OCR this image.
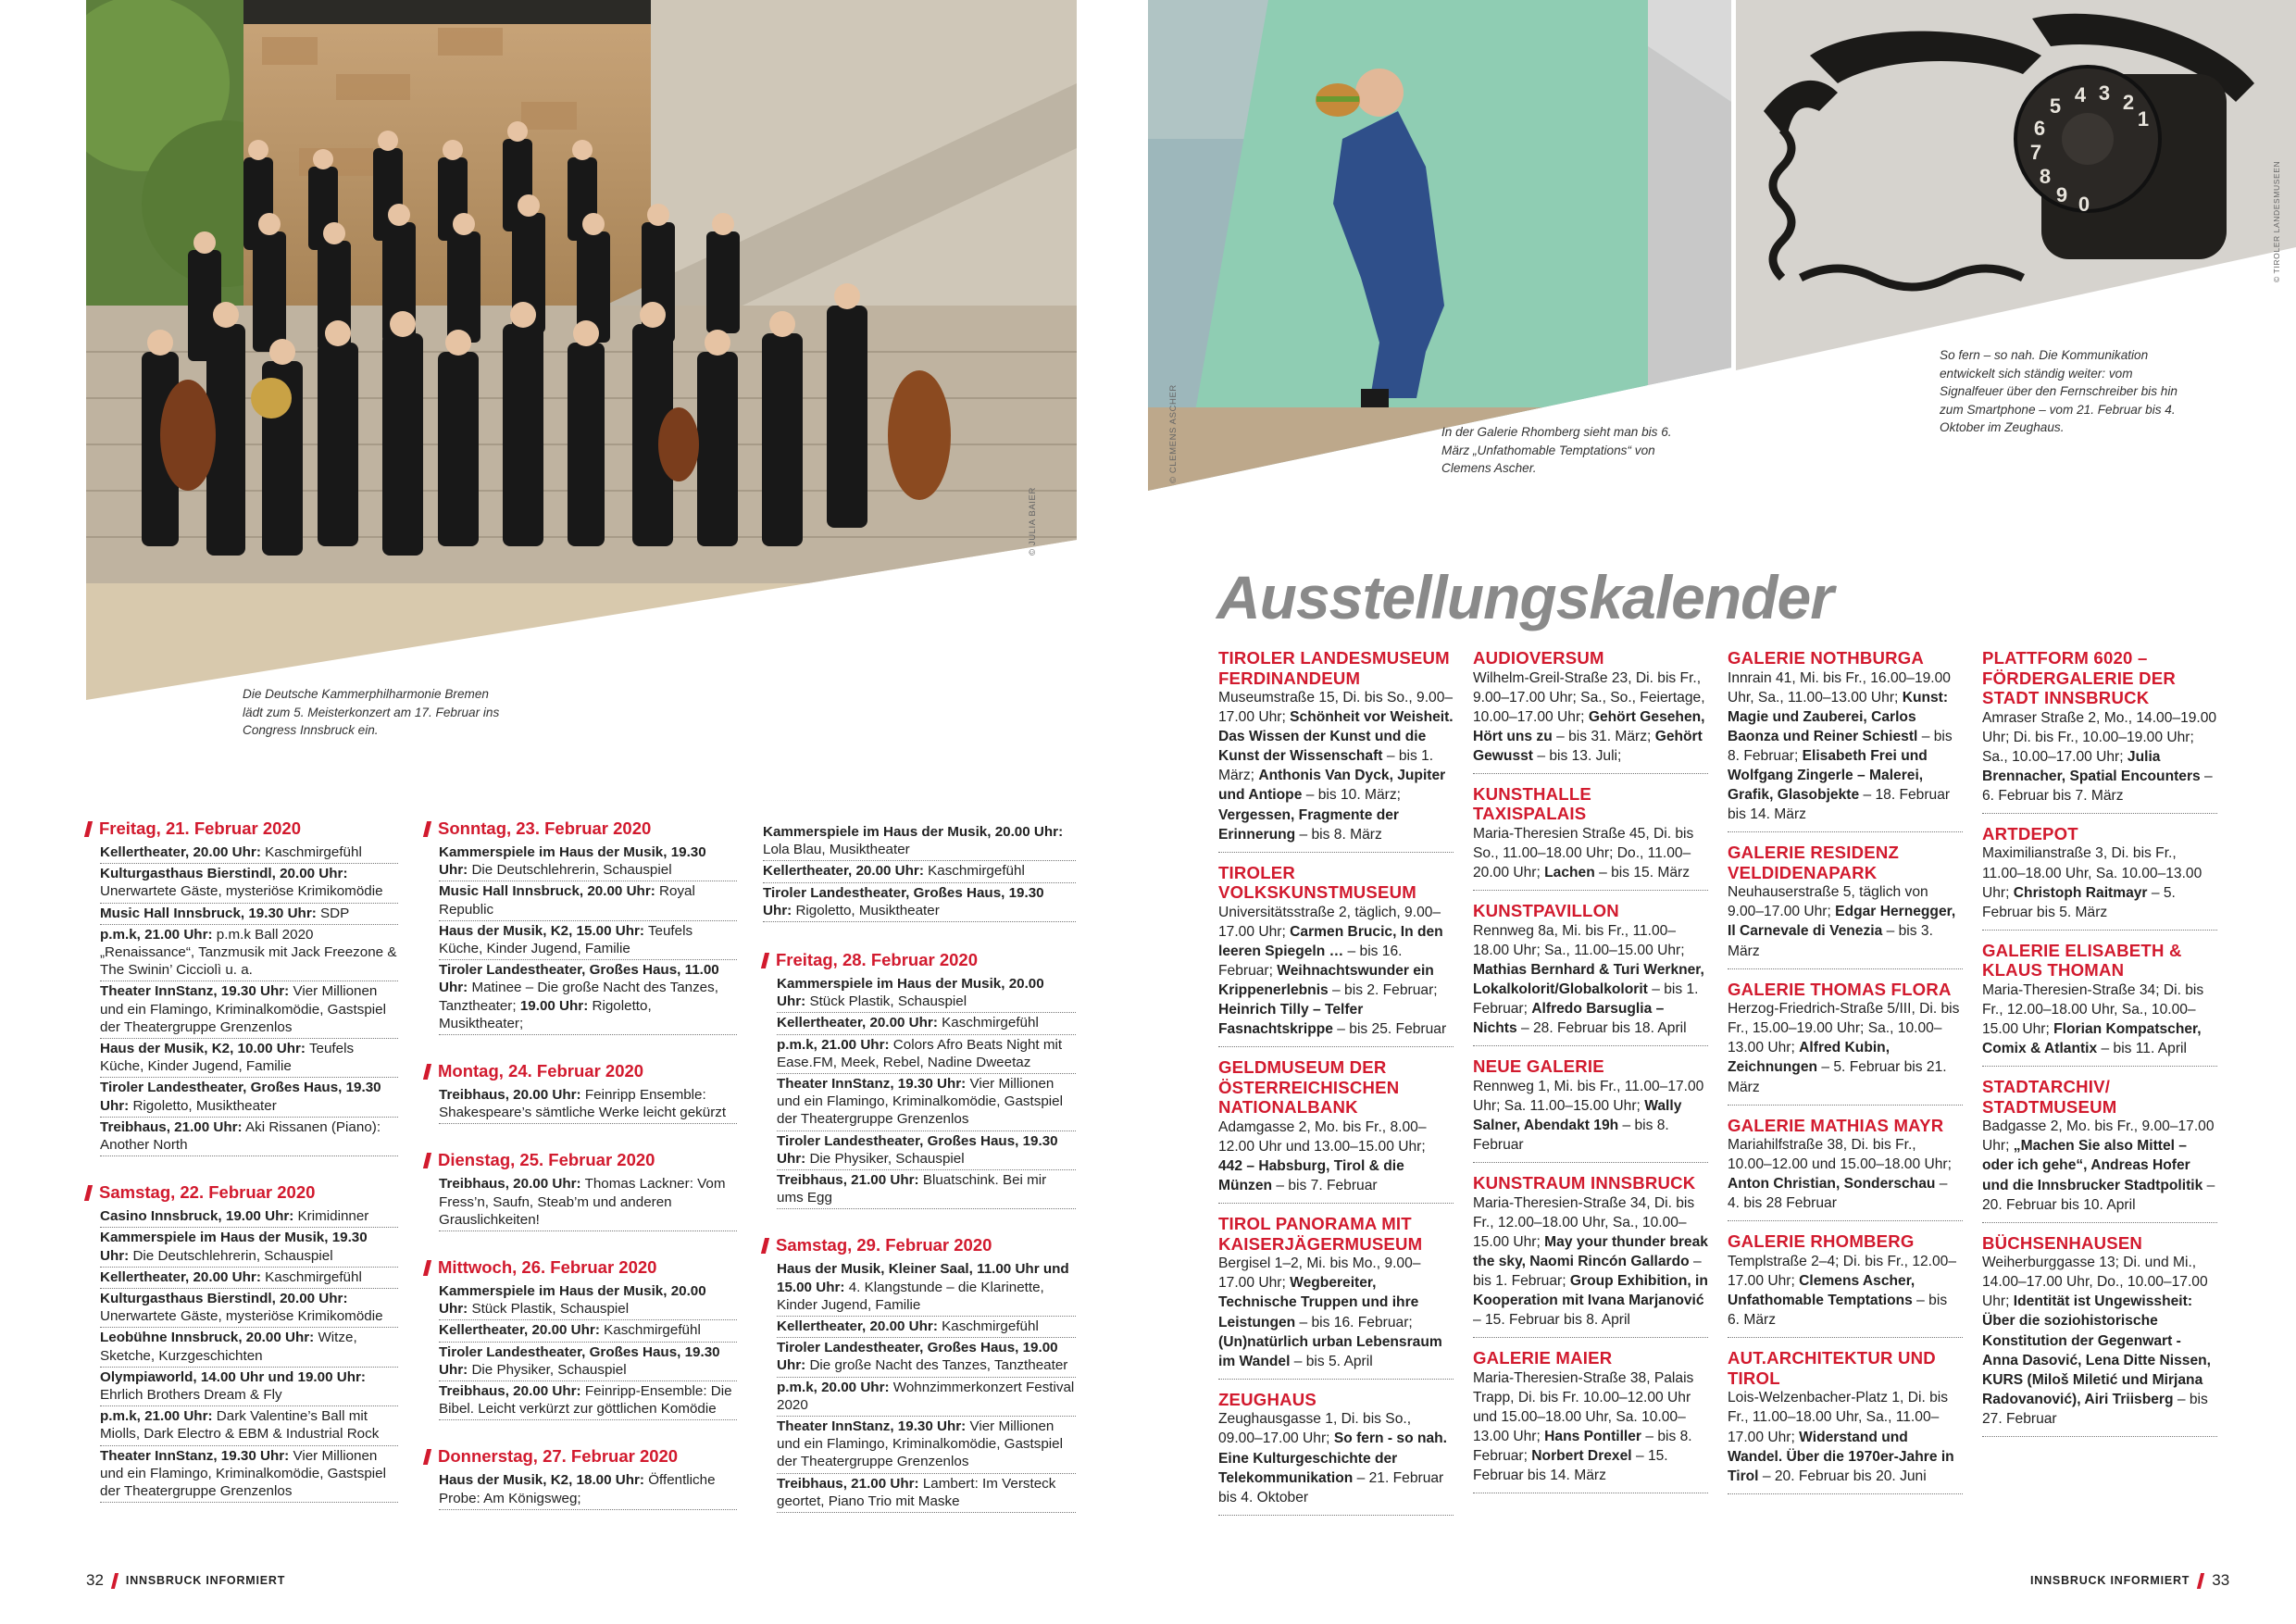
© JULIA BAIER
Die Deutsche Kammerphilharmonie Bremen lädt zum 5. Meisterkonzert am 17. Februar ins Congress Innsbruck ein.
© CLEMENS ASCHER	In der Galerie Rhomberg sieht man bis 6. März „Unfathomable Temptations“ von Clemens Ascher.
5 4 3 2
1
6
7
8
9 0	© TIROLER LANDESMUSEEN
So fern – so nah. Die Kommunikation entwickelt sich ständig weiter: vom Signalfeuer über den Fernschreiber bis hin zum Smartphone – vom 21. Februar bis 4. Oktober im Zeughaus.
Ausstellungskalender
Freitag, 21. Februar 2020
Kellertheater, 20.00 Uhr: Kaschmirgefühl
Kulturgasthaus Bierstindl, 20.00 Uhr: Unerwartete Gäste, mysteriöse Krimikomödie
Music Hall Innsbruck, 19.30 Uhr: SDP
p.m.k, 21.00 Uhr: p.m.k Ball 2020 „Renaissance“, Tanzmusik mit Jack Freezone & The Swinin’ Cicciolì u. a.
Theater InnStanz, 19.30 Uhr: Vier Millionen und ein Flamingo, Kriminalkomödie, Gastspiel der Theatergruppe Grenzenlos
Haus der Musik, K2, 10.00 Uhr: Teufels Küche, Kinder Jugend, Familie
Tiroler Landestheater, Großes Haus, 19.30 Uhr: Rigoletto, Musiktheater
Treibhaus, 21.00 Uhr: Aki Rissanen (Piano): Another North
Samstag, 22. Februar 2020
Casino Innsbruck, 19.00 Uhr: Krimidinner
Kammerspiele im Haus der Musik, 19.30 Uhr: Die Deutschlehrerin, Schauspiel
Kellertheater, 20.00 Uhr: Kaschmirgefühl
Kulturgasthaus Bierstindl, 20.00 Uhr: Unerwartete Gäste, mysteriöse Krimikomödie
Leobühne Innsbruck, 20.00 Uhr: Witze, Sketche, Kurzgeschichten
Olympiaworld, 14.00 Uhr und 19.00 Uhr: Ehrlich Brothers Dream & Fly
p.m.k, 21.00 Uhr: Dark Valentine’s Ball mit Miolls, Dark Electro & EBM & Industrial Rock
Theater InnStanz, 19.30 Uhr: Vier Millionen und ein Flamingo, Kriminalkomödie, Gastspiel der Theatergruppe Grenzenlos
Sonntag, 23. Februar 2020
Kammerspiele im Haus der Musik, 19.30 Uhr: Die Deutschlehrerin, Schauspiel
Music Hall Innsbruck, 20.00 Uhr: Royal Republic
Haus der Musik, K2, 15.00 Uhr: Teufels Küche, Kinder Jugend, Familie
Tiroler Landestheater, Großes Haus, 11.00 Uhr: Matinee – Die große Nacht des Tanzes, Tanztheater; 19.00 Uhr: Rigoletto, Musiktheater;
Montag, 24. Februar 2020
Treibhaus, 20.00 Uhr: Feinripp Ensemble: Shakespeare’s sämtliche Werke leicht gekürzt
Dienstag, 25. Februar 2020
Treibhaus, 20.00 Uhr: Thomas Lackner: Vom Fress’n, Saufn, Steab’m und anderen Grauslichkeiten!
Mittwoch, 26. Februar 2020
Kammerspiele im Haus der Musik, 20.00 Uhr: Stück Plastik, Schauspiel
Kellertheater, 20.00 Uhr: Kaschmirgefühl
Tiroler Landestheater, Großes Haus, 19.30 Uhr: Die Physiker, Schauspiel
Treibhaus, 20.00 Uhr: Feinripp-Ensemble: Die Bibel. Leicht verkürzt zur göttlichen Komödie
Donnerstag, 27. Februar 2020
Haus der Musik, K2, 18.00 Uhr: Öffentliche Probe: Am Königsweg;
Kammerspiele im Haus der Musik, 20.00 Uhr: Lola Blau, Musiktheater
Kellertheater, 20.00 Uhr: Kaschmirgefühl
Tiroler Landestheater, Großes Haus, 19.30 Uhr: Rigoletto, Musiktheater
Freitag, 28. Februar 2020
Kammerspiele im Haus der Musik, 20.00 Uhr: Stück Plastik, Schauspiel
Kellertheater, 20.00 Uhr: Kaschmirgefühl
p.m.k, 21.00 Uhr: Colors Afro Beats Night mit Ease.FM, Meek, Rebel, Nadine Dweetaz
Theater InnStanz, 19.30 Uhr: Vier Millionen und ein Flamingo, Kriminalkomödie, Gastspiel der Theatergruppe Grenzenlos
Tiroler Landestheater, Großes Haus, 19.30 Uhr: Die Physiker, Schauspiel
Treibhaus, 21.00 Uhr: Bluatschink. Bei mir ums Egg
Samstag, 29. Februar 2020
Haus der Musik, Kleiner Saal, 11.00 Uhr und 15.00 Uhr: 4. Klangstunde – die Klarinette, Kinder Jugend, Familie
Kellertheater, 20.00 Uhr: Kaschmirgefühl
Tiroler Landestheater, Großes Haus, 19.00 Uhr: Die große Nacht des Tanzes, Tanztheater
p.m.k, 20.00 Uhr: Wohnzimmerkonzert Festival 2020
Theater InnStanz, 19.30 Uhr: Vier Millionen und ein Flamingo, Kriminalkomödie, Gastspiel der Theatergruppe Grenzenlos
Treibhaus, 21.00 Uhr: Lambert: Im Versteck geortet, Piano Trio mit Maske
TIROLER LANDESMUSEUM FERDINANDEUM
Museumstraße 15, Di. bis So., 9.00–17.00 Uhr; Schönheit vor Weisheit. Das Wissen der Kunst und die Kunst der Wissenschaft – bis 1. März; Anthonis Van Dyck, Jupiter und Antiope – bis 10. März; Vergessen, Fragmente der Erinnerung – bis 8. März
TIROLER VOLKSKUNSTMUSEUM
Universitätsstraße 2, täglich, 9.00–17.00 Uhr; Carmen Brucic, In den leeren Spiegeln … – bis 16. Februar; Weihnachtswunder ein Krippenerlebnis – bis 2. Februar; Heinrich Tilly – Telfer Fasnachtskrippe – bis 25. Februar
GELDMUSEUM DER ÖSTERREICHISCHEN NATIONALBANK
Adamgasse 2, Mo. bis Fr., 8.00–12.00 Uhr und 13.00–15.00 Uhr; 442 – Habsburg, Tirol & die Münzen – bis 7. Februar
TIROL PANORAMA MIT KAISERJÄGERMUSEUM
Bergisel 1–2, Mi. bis Mo., 9.00–17.00 Uhr; Wegbereiter, Technische Truppen und ihre Leistungen – bis 16. Februar; (Un)natürlich urban Lebensraum im Wandel – bis 5. April
ZEUGHAUS
Zeughausgasse 1, Di. bis So., 09.00–17.00 Uhr; So fern - so nah. Eine Kulturgeschichte der Telekommunikation – 21. Februar bis 4. Oktober
AUDIOVERSUM
Wilhelm-Greil-Straße 23, Di. bis Fr., 9.00–17.00 Uhr; Sa., So., Feiertage, 10.00–17.00 Uhr; Gehört Gesehen, Hört uns zu – bis 31. März; Gehört Gewusst – bis 13. Juli;
KUNSTHALLE TAXISPALAIS
Maria-Theresien Straße 45, Di. bis So., 11.00–18.00 Uhr; Do., 11.00–20.00 Uhr; Lachen – bis 15. März
KUNSTPAVILLON
Rennweg 8a, Mi. bis Fr., 11.00–18.00 Uhr; Sa., 11.00–15.00 Uhr; Mathias Bernhard & Turi Werkner, Lokalkolorit/Globalkolorit – bis 1. Februar; Alfredo Barsuglia – Nichts – 28. Februar bis 18. April
NEUE GALERIE
Rennweg 1, Mi. bis Fr., 11.00–17.00 Uhr; Sa. 11.00–15.00 Uhr; Wally Salner, Abendakt 19h – bis 8. Februar
KUNSTRAUM INNSBRUCK
Maria-Theresien-Straße 34, Di. bis Fr., 12.00–18.00 Uhr, Sa., 10.00–15.00 Uhr; May your thunder break the sky, Naomi Rincón Gallardo – bis 1. Februar; Group Exhibition, in Kooperation mit Ivana Marjanović – 15. Februar bis 8. April
GALERIE MAIER
Maria-Theresien-Straße 38, Palais Trapp, Di. bis Fr. 10.00–12.00 Uhr und 15.00–18.00 Uhr, Sa. 10.00–13.00 Uhr; Hans Pontiller – bis 8. Februar; Norbert Drexel – 15. Februar bis 14. März
GALERIE NOTHBURGA
Innrain 41, Mi. bis Fr., 16.00–19.00 Uhr, Sa., 11.00–13.00 Uhr; Kunst: Magie und Zauberei, Carlos Baonza und Reiner Schiestl – bis 8. Februar; Elisabeth Frei und Wolfgang Zingerle – Malerei, Grafik, Glasobjekte – 18. Februar bis 14. März
GALERIE RESIDENZ VELDIDENAPARK
Neuhauserstraße 5, täglich von 9.00–17.00 Uhr; Edgar Hernegger, Il Carnevale di Venezia – bis 3. März
GALERIE THOMAS FLORA
Herzog-Friedrich-Straße 5/III, Di. bis Fr., 15.00–19.00 Uhr; Sa., 10.00–13.00 Uhr; Alfred Kubin, Zeichnungen – 5. Februar bis 21. März
GALERIE MATHIAS MAYR
Mariahilfstraße 38, Di. bis Fr., 10.00–12.00 und 15.00–18.00 Uhr; Anton Christian, Sonderschau – 4. bis 28 Februar
GALERIE RHOMBERG
Templstraße 2–4; Di. bis Fr., 12.00–17.00 Uhr; Clemens Ascher, Unfathomable Temptations – bis 6. März
AUT.ARCHITEKTUR UND TIROL
Lois-Welzenbacher-Platz 1, Di. bis Fr., 11.00–18.00 Uhr, Sa., 11.00–17.00 Uhr; Widerstand und Wandel. Über die 1970er-Jahre in Tirol – 20. Februar bis 20. Juni
PLATTFORM 6020 – FÖRDERGALERIE DER STADT INNSBRUCK
Amraser Straße 2, Mo., 14.00–19.00 Uhr; Di. bis Fr., 10.00–19.00 Uhr; Sa., 10.00–17.00 Uhr; Julia Brennacher, Spatial Encounters – 6. Februar bis 7. März
ARTDEPOT
Maximilianstraße 3, Di. bis Fr., 11.00–18.00 Uhr, Sa. 10.00–13.00 Uhr; Christoph Raitmayr – 5. Februar bis 5. März
GALERIE ELISABETH & KLAUS THOMAN
Maria-Theresien-Straße 34; Di. bis Fr., 12.00–18.00 Uhr, Sa., 10.00–15.00 Uhr; Florian Kompatscher, Comix & Atlantix – bis 11. April
STADTARCHIV/ STADTMUSEUM
Badgasse 2, Mo. bis Fr., 9.00–17.00 Uhr; „Machen Sie also Mittel – oder ich gehe“, Andreas Hofer und die Innsbrucker Stadtpolitik – 20. Februar bis 10. April
BÜCHSENHAUSEN
Weiherburggasse 13; Di. und Mi., 14.00–17.00 Uhr, Do., 10.00–17.00 Uhr; Identität ist Ungewissheit: Über die soziohistorische Konstitution der Gegenwart - Anna Dasović, Lena Ditte Nissen, KURS (Miloš Miletić und Mirjana Radovanović), Airi Triisberg – bis 27. Februar
32 INNSBRUCK INFORMIERT	INNSBRUCK INFORMIERT 33
